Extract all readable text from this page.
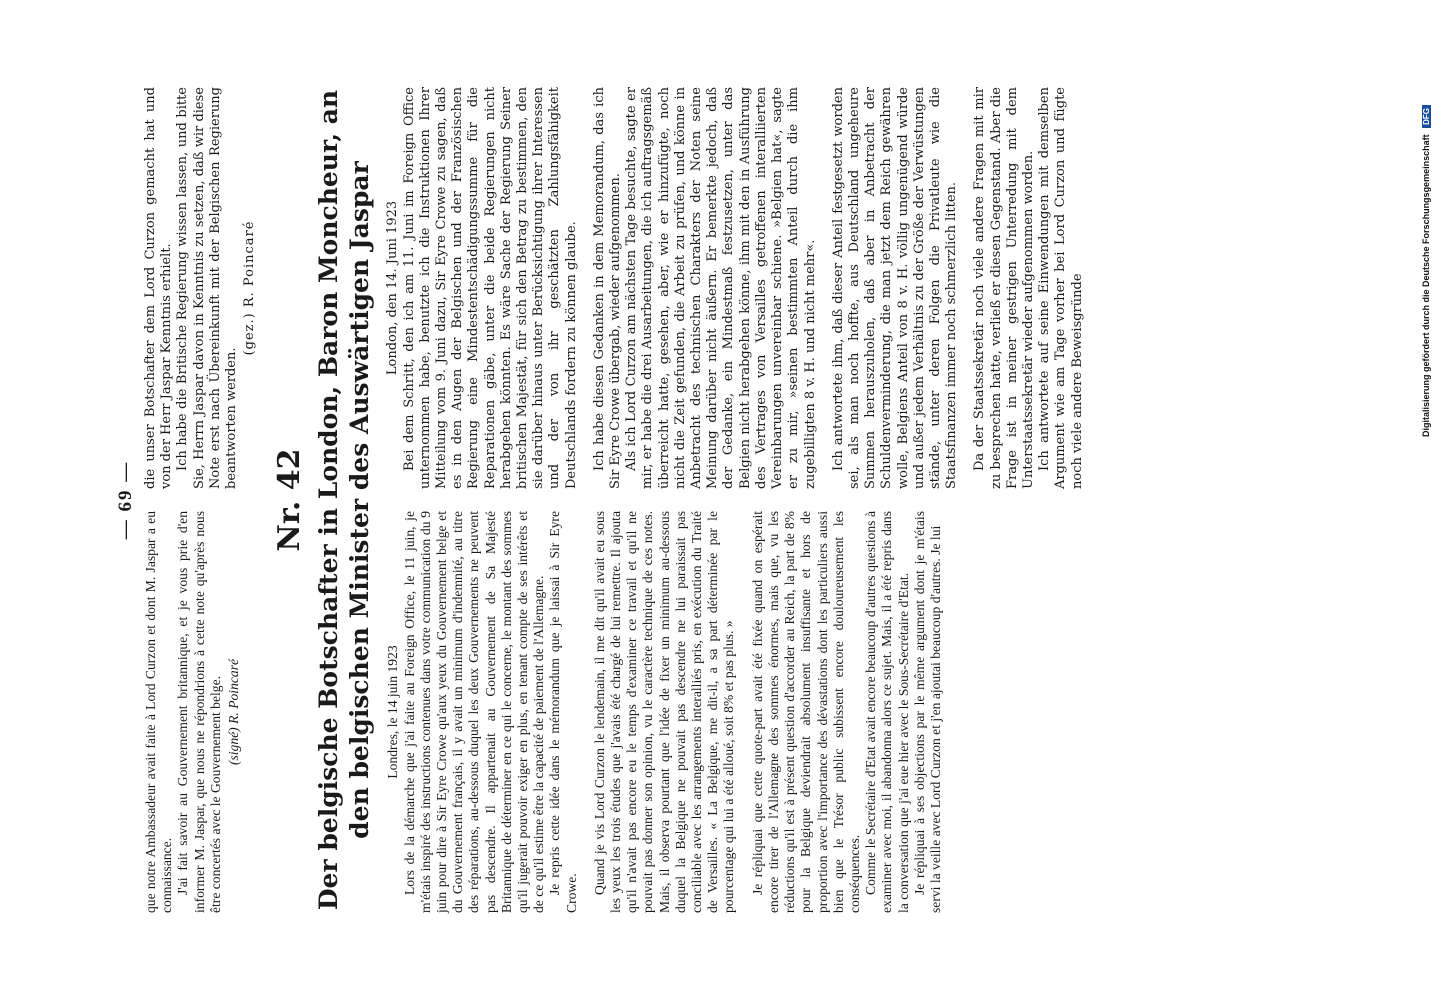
— 69 —

que notre Ambassadeur avait faite à Lord Curzon et dont M. Jaspar a eu connaissance. J'ai fait savoir au Gouvernement britannique, et je vous prie d'en informer M. Jaspar, que nous ne répondrions à cette note qu'après nous être concertés avec le Gouvernement belge. (signé) R. Poincaré

die unser Botschafter dem Lord Curzon gemacht hat und von der Herr Jaspar Kenntnis erhielt. Ich habe die Britische Regierung wissen lassen, und bitte Sie, Herrn Jaspar davon in Kenntnis zu setzen, daß wir diese Note erst nach Übereinkunft mit der Belgischen Regierung beantworten werden.

(gez.) R. Poincaré
Nr. 42 Der belgische Botschafter in London, Baron Moncheur, an den belgischen Minister des Auswärtigen Jaspar Londres, le 14 juin 1923 Lors de la démarche que j'ai faite au Foreign Office, le 11 juin, je m'étais inspiré des instructions contenues dans votre communication du 9 juin pour dire à Sir Eyre Crowe qu'aux yeux du Gouvernement belge et du Gouvernement français, il y avait un minimum d'indemnité, au titre des réparations, au-dessous duquel les deux Gouvernements ne peuvent pas descendre. Il appartenait au Gouvernement de Sa Majesté Britannique de déterminer en ce qui le concerne, le montant des sommes qu'il jugerait pouvoir exiger en plus, en tenant compte de ses intérêts et de ce qu'il estime être la capacité de paiement de l'Allemagne. Je repris cette idée dans le mémorandum que je laissai à Sir Eyre Crowe. Quand je vis Lord Curzon le lendemain, il me dit qu'il avait eu sous les yeux les trois études que j'avais été chargé de lui remettre. Il ajouta qu'il n'avait pas encore eu le temps d'examiner ce travail et qu'il ne pouvait pas donner son opinion, vu le caractère technique de ces notes. Mais, il observa pourtant que l'idée de fixer un minimum au-dessous duquel la Belgique ne pouvait pas descendre ne lui paraissait pas conciliable avec les arrangements interalliés pris, en exécution du Traité de Versailles. « La Belgique, me dit-il, a sa part déterminée par le pourcentage qui lui a été alloué, soit 8% et pas plus. » Je répliquai que cette quote-part avait été fixée quand on espérait encore tirer de l'Allemagne des sommes énormes, mais que, vu les réductions qu'il est à présent question d'accorder au Reich, la part de 8% pour la Belgique deviendrait absolument insuffisante et hors de proportion avec l'importance des dévastations dont les particuliers aussi bien que le Trésor public subissent encore douloureusement les conséquences. Comme le Secrétaire d'Etat avait encore beaucoup d'autres questions à examiner avec moi, il abandonna alors ce sujet. Mais, il a été repris dans la conversation que j'ai eue hier avec le Sous-Secrétaire d'Etat. Je répliquai à ses objections par le même argument dont je m'étais servi la veille avec Lord Curzon et j'en ajoutai beaucoup d'autres. Je lui

London, den 14. Juni 1923 Bei dem Schritt, den ich am 11. Juni im Foreign Office unternommen habe, benutzte ich die Instruktionen Ihrer Mitteilung vom 9. Juni dazu, Sir Eyre Crowe zu sagen, daß es in den Augen der Belgischen und der Französischen Regierung eine Mindestentschädigungssumme für die Reparationen gäbe, unter die beide Regierungen nicht herabgehen könnten. Es wäre Sache der Regierung Seiner britischen Majestät, für sich den Betrag zu bestimmen, den sie darüber hinaus unter Berücksichtigung ihrer Interessen und der von ihr geschätzten Zahlungsfähigkeit Deutschlands fordern zu können glaube. Ich habe diesen Gedanken in dem Memorandum, das ich Sir Eyre Crowe übergab, wieder aufgenommen. Als ich Lord Curzon am nächsten Tage besuchte, sagte er mir, er habe die drei Ausarbeitungen, die ich auftragsgemäß überreicht hatte, gesehen, aber, wie er hinzufügte, noch nicht die Zeit gefunden, die Arbeit zu prüfen, und könne in Anbetracht des technischen Charakters der Noten seine Meinung darüber nicht äußern. Er bemerkte jedoch, daß der Gedanke, ein Mindestmaß festzusetzen, unter das Belgien nicht herabgehen könne, ihm mit den in Ausführung des Vertrages von Versailles getroffenen interalliierten Vereinbarungen unvereinbar schiene. »Belgien hat«, sagte er zu mir, »seinen bestimmten Anteil durch die ihm zugebilligten 8 v. H. und nicht mehr«. Ich antwortete ihm, daß dieser Anteil festgesetzt worden sei, als man noch hoffte, aus Deutschland ungeheure Summen herauszuholen, daß aber in Anbetracht der Schuldenverminderung, die man jetzt dem Reich gewähren wolle, Belgiens Anteil von 8 v. H. völlig ungenügend würde und außer jedem Verhältnis zu der Größe der Verwüstungen stände, unter deren Folgen die Privatleute wie die Staatsfinanzen immer noch schmerzlich litten. Da der Staatssekretär noch viele andere Fragen mit mir zu besprechen hatte, verließ er diesen Gegenstand. Aber die Frage ist in meiner gestrigen Unterredung mit dem Unterstaatssekretär wieder aufgenommen worden. Ich antwortete auf seine Einwendungen mit demselben Argument wie am Tage vorher bei Lord Curzon und fügte noch viele andere Beweisgründe	Digitalisierung gefördert durch die Deutsche Forschungsgemeinschaft DFG
